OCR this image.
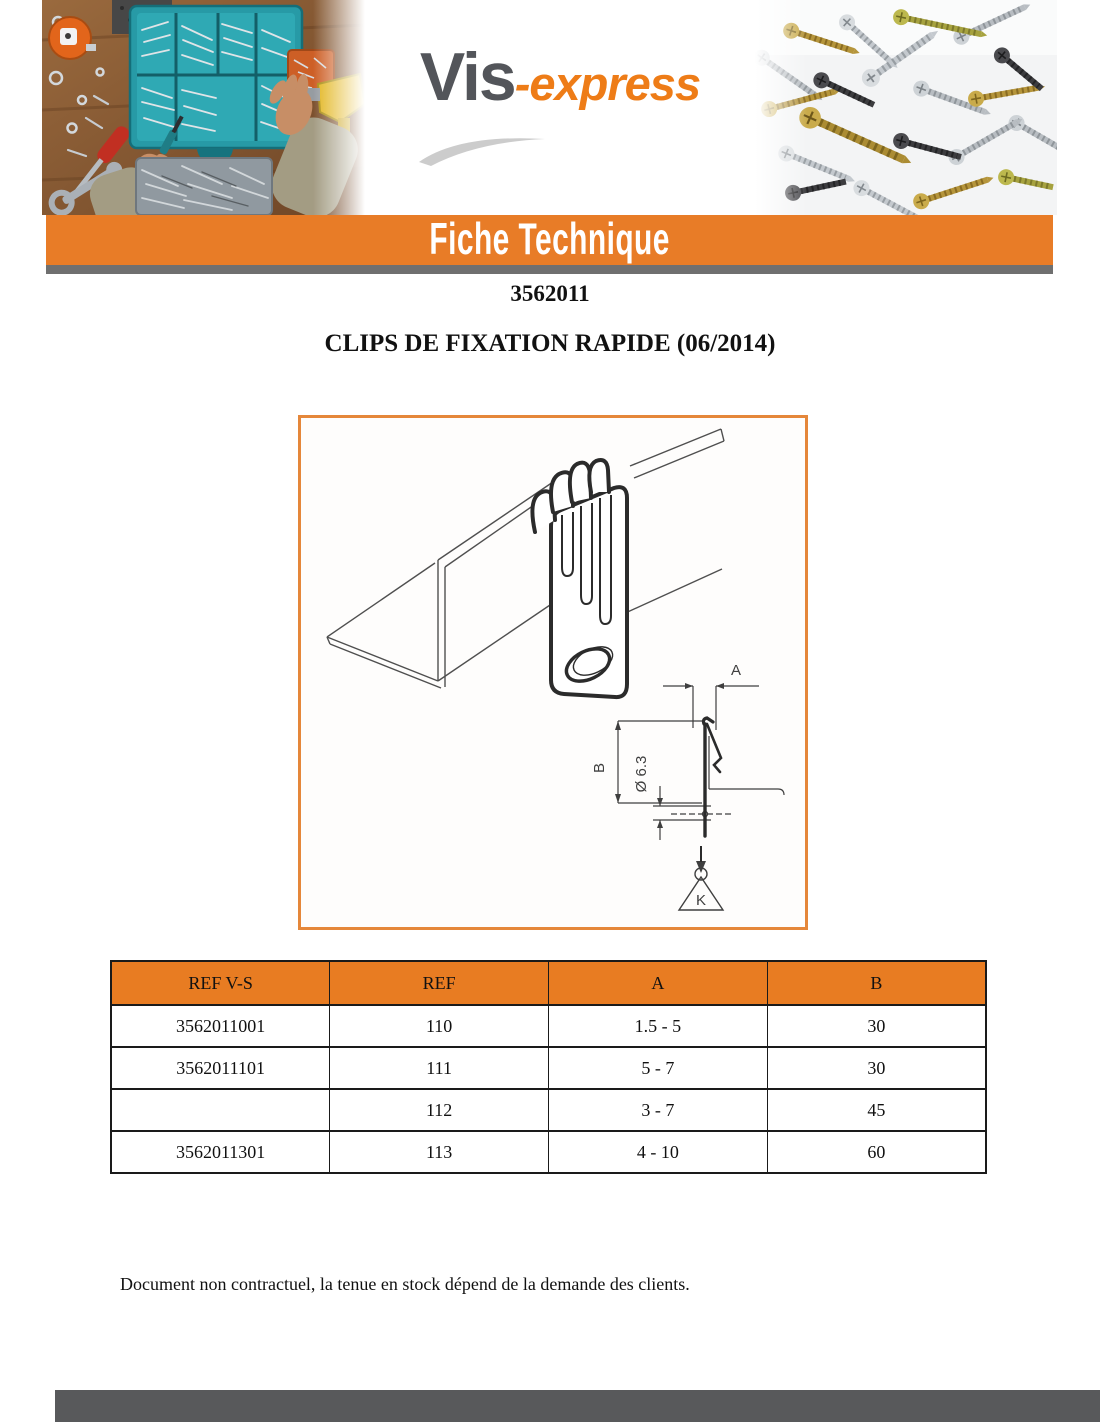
Vis -express
Fiche Technique
3562011
CLIPS DE FIXATION RAPIDE (06/2014)
A
B Ø 6.3
K
REF V-S	REF	A	B
3562011001	110	1.5 - 5	30
3562011101	111	5 - 7	30
	112	3 - 7	45
3562011301	113	4 - 10	60
Document non contractuel, la tenue en stock dépend de la demande des clients.
